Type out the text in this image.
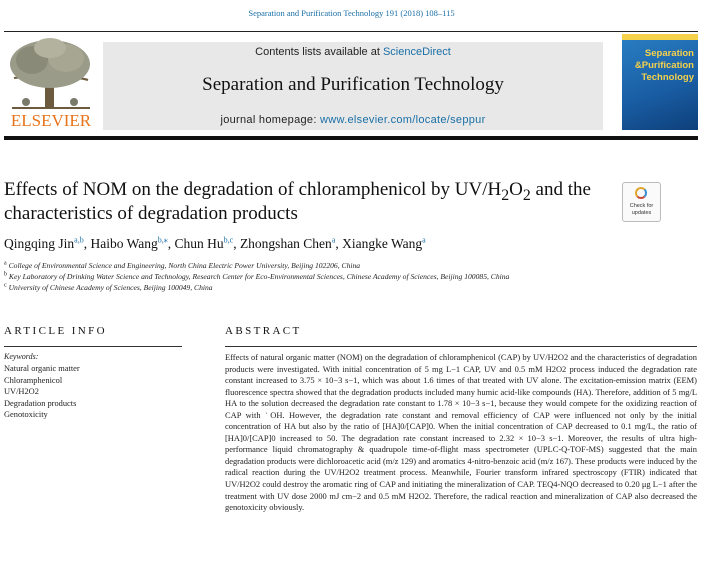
Separation and Purification Technology 191 (2018) 108–115
ELSEVIER
Contents lists available at ScienceDirect
Separation and Purification Technology
journal homepage: www.elsevier.com/locate/seppur
Separation
&Purification
Technology
Effects of NOM on the degradation of chloramphenicol by $UV/H_2O_2$ and the characteristics of degradation products	Check for
updates
Qingqing Jin$^{a,b}$, Haibo Wang$^{b,⁎}$, Chun Hu$^{b,c}$, Zhongshan Chen$^a$, Xiangke Wang$^a$
$^a$ College of Environmental Science and Engineering, North China Electric Power University, Beijing 102206, China
$^b$ Key Laboratory of Drinking Water Science and Technology, Research Center for Eco-Environmental Sciences, Chinese Academy of Sciences, Beijing 100085, China
$^c$ University of Chinese Academy of Sciences, Beijing 100049, China
ARTICLE INFO	ABSTRACT
Keywords:
Natural organic matter
Chloramphenicol
UV/H2O2
Degradation products
Genotoxicity
Effects of natural organic matter (NOM) on the degradation of chloramphenicol (CAP) by UV/H2O2 and the characteristics of degradation products were investigated. With initial concentration of 5 mg L−1 CAP, UV and 0.5 mM H2O2 process induced the degradation rate constant increased to 3.75 × 10−3 s−1, which was about 1.6 times of that treated with UV alone. The excitation-emission matrix (EEM) fluorescence spectra showed that the degradation products included many humic acid-like compounds (HA). Therefore, addition of 5 mg/L HA to the solution decreased the degradation rate constant to 1.78 × 10−3 s−1, because they would compete for the oxidizing reaction of CAP with ˙OH. However, the degradation rate constant and removal efficiency of CAP were influenced not only by the initial concentration of HA but also by the ratio of [HA]0/[CAP]0. When the initial concentration of CAP decreased to 0.1 mg/L, the ratio of [HA]0/[CAP]0 increased to 50. The degradation rate constant increased to 2.32 × 10−3 s−1. Moreover, the results of ultra high-performance liquid chromatography & quadrupole time-of-flight mass spectrometer (UPLC-Q-TOF-MS) suggested that the main degradation products were dichloroacetic acid (m/z 129) and aromatics 4-nitro-benzoic acid (m/z 167). These products were induced by the radical reaction during the UV/H2O2 treatment process. Meanwhile, Fourier transform infrared spectroscopy (FTIR) indicated that UV/H2O2 could destroy the aromatic ring of CAP and initiating the mineralization of CAP. TEQ4-NQO decreased to 0.20 μg L−1 after the treatment with UV dose 2000 mJ cm−2 and 0.5 mM H2O2. Therefore, the radical reaction and mineralization of CAP also decreased the genotoxicity obviously.
